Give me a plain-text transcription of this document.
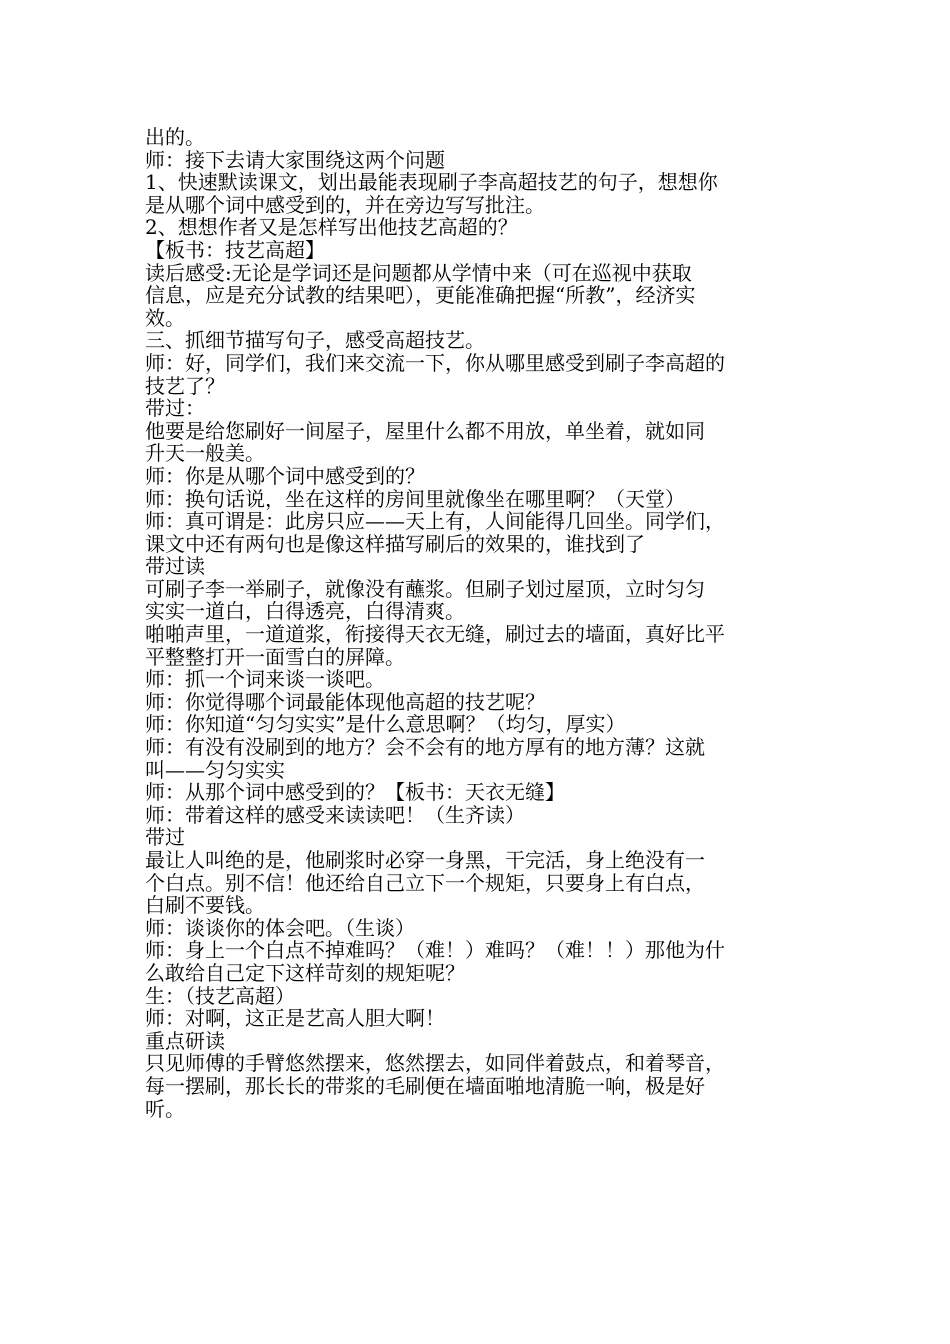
出的。
师：接下去请大家围绕这两个问题
1、快速默读课文，划出最能表现刷子李高超技艺的句子，想想你
是从哪个词中感受到的，并在旁边写写批注。
2、想想作者又是怎样写出他技艺高超的？
【板书：技艺高超】
读后感受:无论是学词还是问题都从学情中来（可在巡视中获取
信息，应是充分试教的结果吧），更能准确把握“所教”，经济实
效。
三、抓细节描写句子，感受高超技艺。
师：好，同学们，我们来交流一下，你从哪里感受到刷子李高超的
技艺了？
带过：
他要是给您刷好一间屋子，屋里什么都不用放，单坐着，就如同
升天一般美。
师：你是从哪个词中感受到的？
师：换句话说，坐在这样的房间里就像坐在哪里啊？（天堂）
师：真可谓是：此房只应——天上有，人间能得几回坐。同学们，
课文中还有两句也是像这样描写刷后的效果的，谁找到了
带过读
可刷子李一举刷子，就像没有蘸浆。但刷子划过屋顶，立时匀匀
实实一道白，白得透亮，白得清爽。
啪啪声里，一道道浆，衔接得天衣无缝，刷过去的墙面，真好比平
平整整打开一面雪白的屏障。
师：抓一个词来谈一谈吧。
师：你觉得哪个词最能体现他高超的技艺呢？
师：你知道“匀匀实实”是什么意思啊？（均匀，厚实）
师：有没有没刷到的地方？会不会有的地方厚有的地方薄？这就
叫——匀匀实实
师：从那个词中感受到的？【板书：天衣无缝】
师：带着这样的感受来读读吧！（生齐读）
带过
最让人叫绝的是，他刷浆时必穿一身黑，干完活，身上绝没有一
个白点。别不信！他还给自己立下一个规矩，只要身上有白点，
白刷不要钱。
师：谈谈你的体会吧。（生谈）
师：身上一个白点不掉难吗？（难！）难吗？（难！！）那他为什
么敢给自己定下这样苛刻的规矩呢？
生：（技艺高超）
师：对啊，这正是艺高人胆大啊！
重点研读
只见师傅的手臂悠然摆来，悠然摆去，如同伴着鼓点，和着琴音，
每一摆刷，那长长的带浆的毛刷便在墙面啪地清脆一响，极是好
听。
